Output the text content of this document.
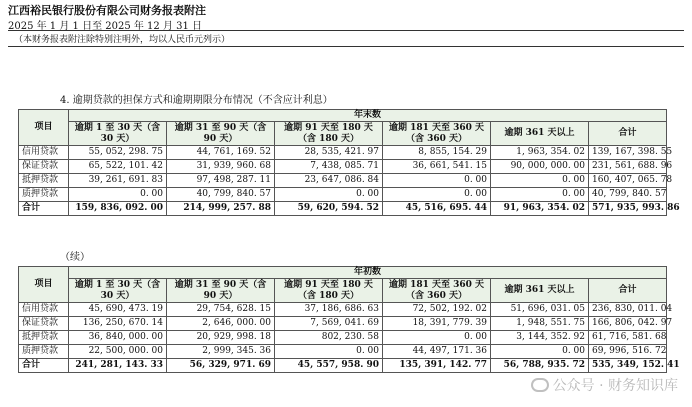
江西裕民银行股份有限公司财务报表附注
2025 年 1 月 1 日至 2025 年 12 月 31 日
（本财务报表附注除特别注明外，均以人民币元列示）
4. 逾期贷款的担保方式和逾期期限分布情况（不含应计利息）
项目	年末数					
	逾期 1 至 30 天（含 30 天）	逾期 31 至 90 天（含 90 天）	逾期 91 天至 180 天（含 180 天）	逾期 181 天至 360 天（含 360 天）	逾期 361 天以上	合计
信用贷款	55, 052, 298. 75	44, 761, 169. 52	28, 535, 421. 97	8, 855, 154. 29	1, 963, 354. 02	139, 167, 398. 55
保证贷款	65, 522, 101. 42	31, 939, 960. 68	7, 438, 085. 71	36, 661, 541. 15	90, 000, 000. 00	231, 561, 688. 96
抵押贷款	39, 261, 691. 83	97, 498, 287. 11	23, 647, 086. 84	0. 00	0. 00	160, 407, 065. 78
质押贷款	0. 00	40, 799, 840. 57	0. 00	0. 00	0. 00	40, 799, 840. 57
合计	159, 836, 092. 00	214, 999, 257. 88	59, 620, 594. 52	45, 516, 695. 44	91, 963, 354. 02	571, 935, 993. 86
（续）
项目	年初数					
	逾期 1 至 30 天（含 30 天）	逾期 31 至 90 天（含 90 天）	逾期 91 天至 180 天（含 180 天）	逾期 181 天至 360 天（含 360 天）	逾期 361 天以上	合计
信用贷款	45, 690, 473. 19	29, 754, 628. 15	37, 186, 686. 63	72, 502, 192. 02	51, 696, 031. 05	236, 830, 011. 04
保证贷款	136, 250, 670. 14	2, 646, 000. 00	7, 569, 041. 69	18, 391, 779. 39	1, 948, 551. 75	166, 806, 042. 97
抵押贷款	36, 840, 000. 00	20, 929, 998. 18	802, 230. 58	0. 00	3, 144, 352. 92	61, 716, 581. 68
质押贷款	22, 500, 000. 00	2, 999, 345. 36	0. 00	44, 497, 171. 36	0. 00	69, 996, 516. 72
合计	241, 281, 143. 33	56, 329, 971. 69	45, 557, 958. 90	135, 391, 142. 77	56, 788, 935. 72	535, 349, 152. 41
公众号 · 财务知识库
